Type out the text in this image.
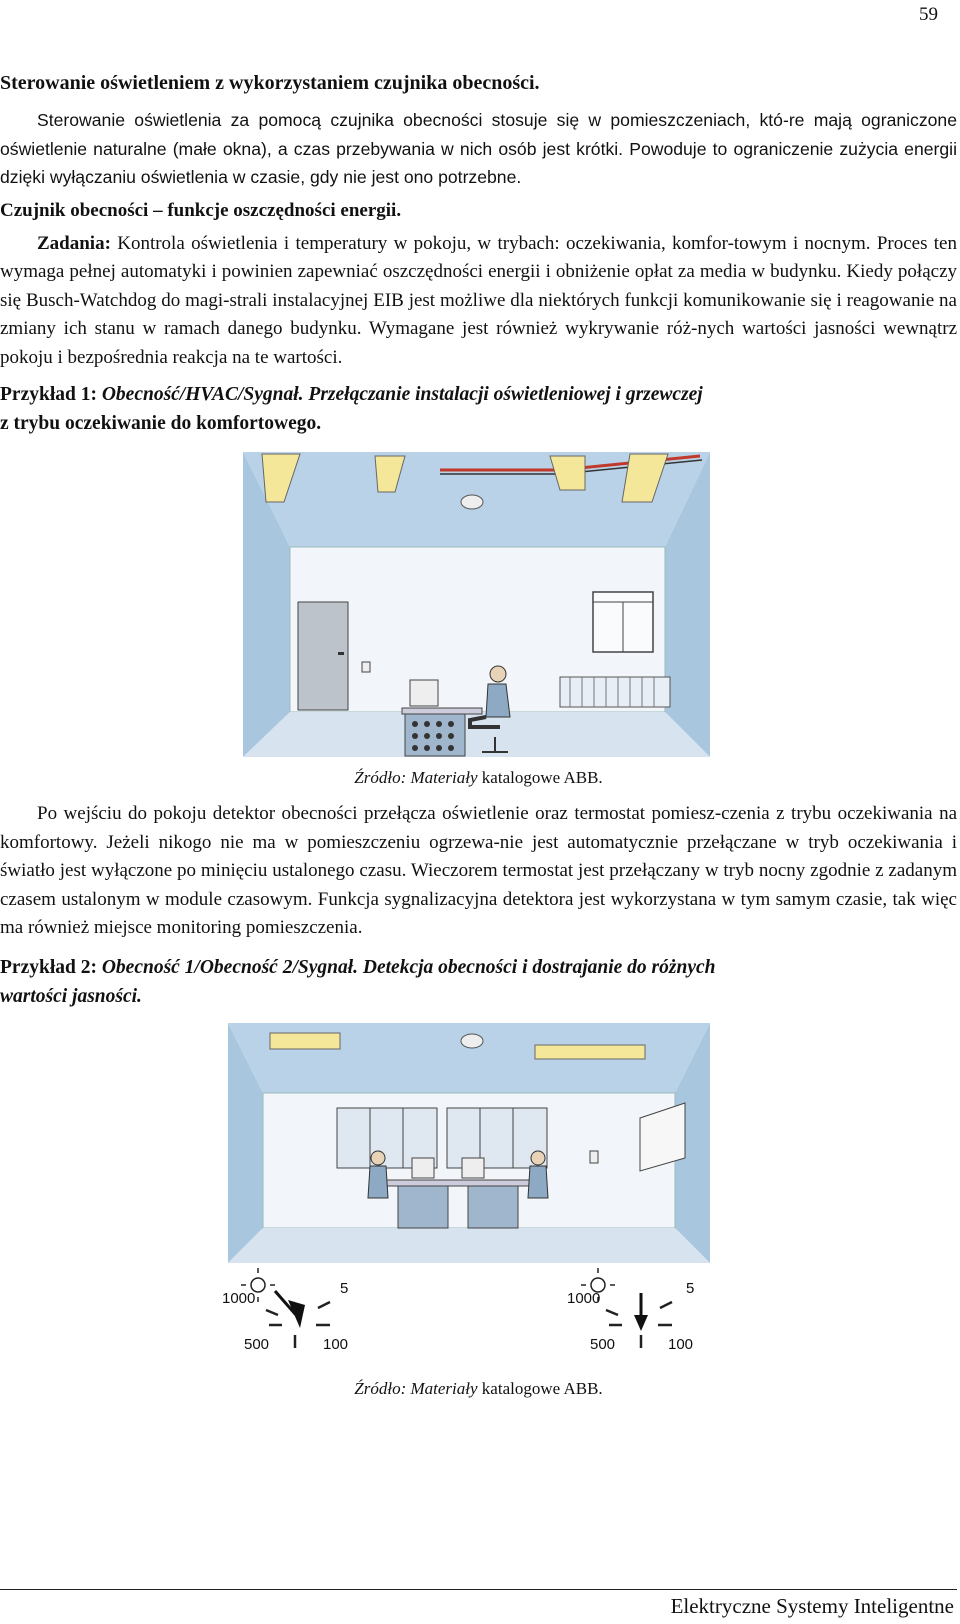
59
Sterowanie oświetleniem z wykorzystaniem czujnika obecności.

Sterowanie oświetlenia za pomocą czujnika obecności stosuje się w pomieszczeniach, któ-re mają ograniczone oświetlenie naturalne (małe okna), a czas przebywania w nich osób jest krótki. Powoduje to ograniczenie zużycia energii dzięki wyłączaniu oświetlenia w czasie, gdy nie jest ono potrzebne.

Czujnik obecności – funkcje oszczędności energii.

Zadania: Kontrola oświetlenia i temperatury w pokoju, w trybach: oczekiwania, komfor-towym i nocnym. Proces ten wymaga pełnej automatyki i powinien zapewniać oszczędności energii i obniżenie opłat za media w budynku. Kiedy połączy się Busch-Watchdog do magi-strali instalacyjnej EIB jest możliwe dla niektórych funkcji komunikowanie się i reagowanie na zmiany ich stanu w ramach danego budynku. Wymagane jest również wykrywanie róż-nych wartości jasności wewnątrz pokoju i bezpośrednia reakcja na te wartości.

Przykład 1: Obecność/HVAC/Sygnał. Przełączanie instalacji oświetleniowej i grzewczej
z trybu oczekiwanie do komfortowego.
Źródło: Materiały katalogowe ABB.

Po wejściu do pokoju detektor obecności przełącza oświetlenie oraz termostat pomiesz-czenia z trybu oczekiwania na komfortowy. Jeżeli nikogo nie ma w pomieszczeniu ogrzewa-nie jest automatycznie przełączane w tryb oczekiwania i światło jest wyłączone po minięciu ustalonego czasu. Wieczorem termostat jest przełączany w tryb nocny zgodnie z zadanym czasem ustalonym w module czasowym. Funkcja sygnalizacyjna detektora jest wykorzystana w tym samym czasie, tak więc ma również miejsce monitoring pomieszczenia.

Przykład 2: Obecność 1/Obecność 2/Sygnał. Detekcja obecności i dostrajanie do różnych
wartości jasności.
1000
5
500	100
1000
5
500	100
Źródło: Materiały katalogowe ABB.
Elektryczne Systemy Inteligentne
